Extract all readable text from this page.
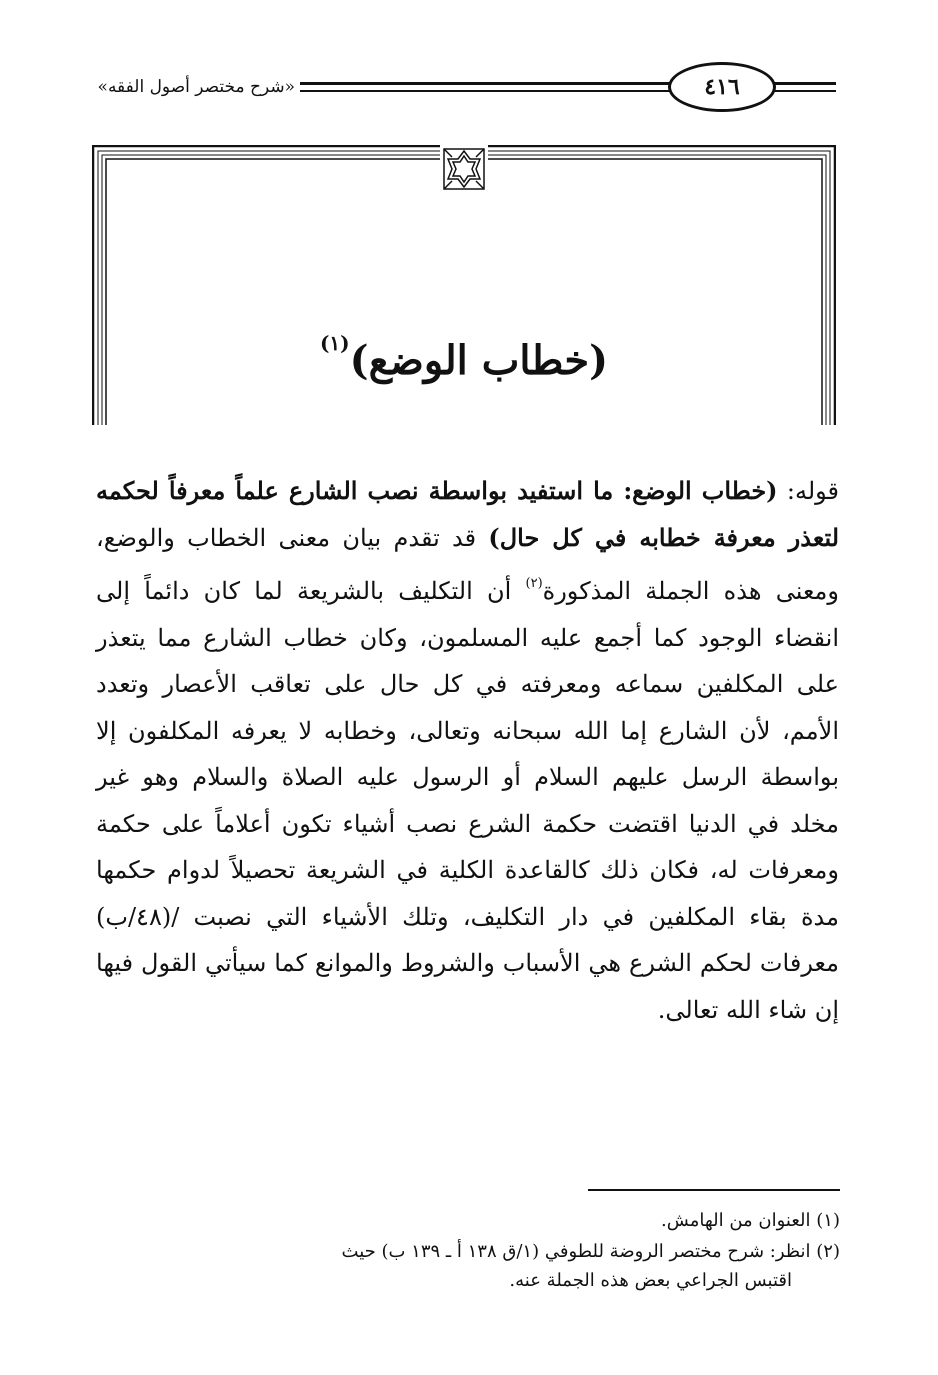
«شرح مختصر أصول الفقه»	٤١٦
(خطاب الوضع)$^{(١)}$
قوله: (خطاب الوضع: ما استفيد بواسطة نصب الشارع علماً معرفاً لحكمه لتعذر معرفة خطابه في كل حال) قد تقدم بيان معنى الخطاب والوضع، ومعنى هذه الجملة المذكورة$^{(٢)}$ أن التكليف بالشريعة لما كان دائماً إلى انقضاء الوجود كما أجمع عليه المسلمون، وكان خطاب الشارع مما يتعذر على المكلفين سماعه ومعرفته في كل حال على تعاقب الأعصار وتعدد الأمم، لأن الشارع إما الله سبحانه وتعالى، وخطابه لا يعرفه المكلفون إلا بواسطة الرسل عليهم السلام أو الرسول عليه الصلاة والسلام وهو غير مخلد في الدنيا اقتضت حكمة الشرع نصب أشياء تكون أعلاماً على حكمة ومعرفات له، فكان ذلك كالقاعدة الكلية في الشريعة تحصيلاً لدوام حكمها مدة بقاء المكلفين في دار التكليف، وتلك الأشياء التي نصبت /(٤٨/ب) معرفات لحكم الشرع هي الأسباب والشروط والموانع كما سيأتي القول فيها إن شاء الله تعالى.
(١) العنوان من الهامش.
(٢) انظر: شرح مختصر الروضة للطوفي (١/ق ١٣٨ أ ـ ١٣٩ ب) حيث
اقتبس الجراعي بعض هذه الجملة عنه.
